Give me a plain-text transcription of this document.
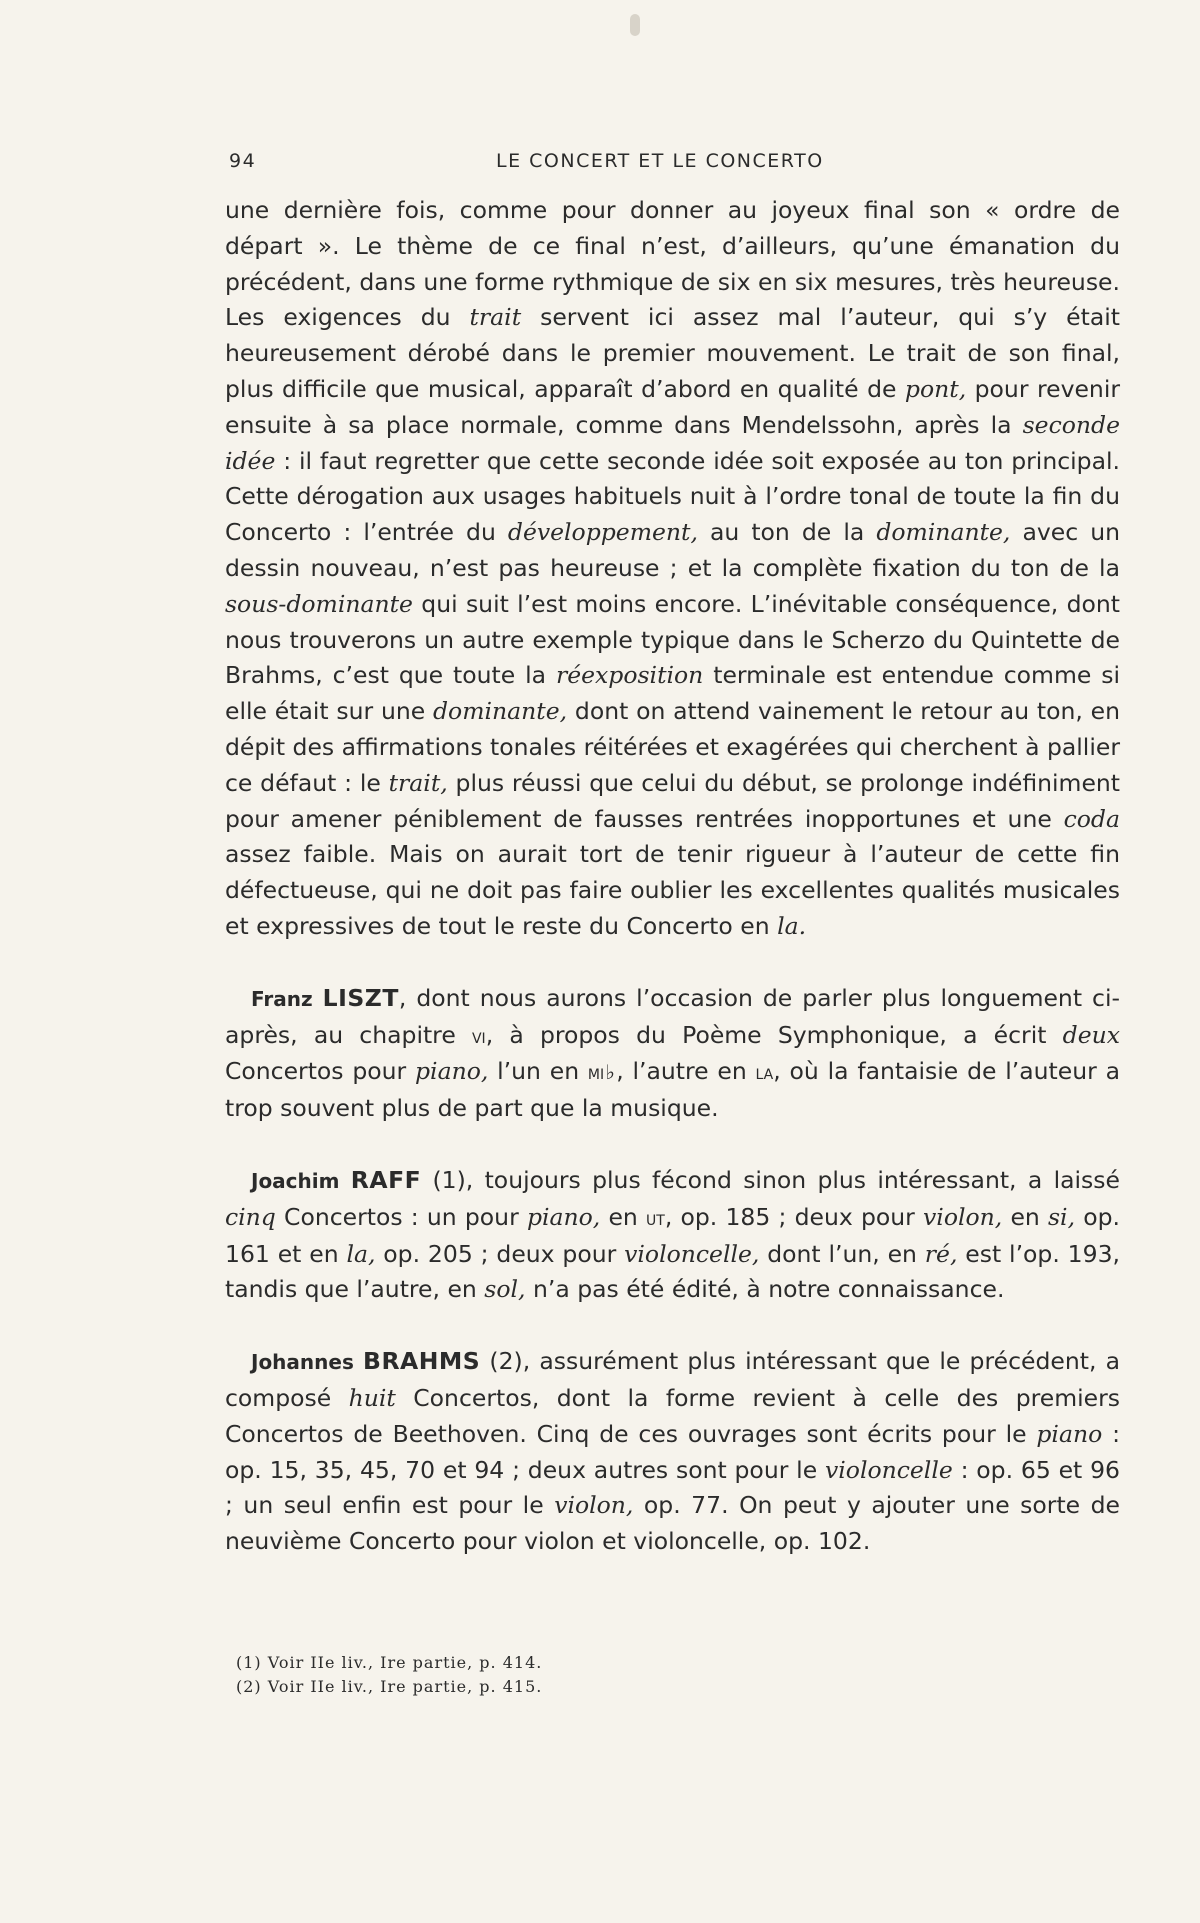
94	LE CONCERT ET LE CONCERTO

une dernière fois, comme pour donner au joyeux final son « ordre de départ ». Le thème de ce final n’est, d’ailleurs, qu’une émanation du précédent, dans une forme rythmique de six en six mesures, très heureuse. Les exigences du trait servent ici assez mal l’auteur, qui s’y était heureusement dérobé dans le premier mouvement. Le trait de son final, plus difficile que musical, apparaît d’abord en qualité de pont, pour revenir ensuite à sa place normale, comme dans Mendelssohn, après la seconde idée : il faut regretter que cette seconde idée soit exposée au ton principal. Cette dérogation aux usages habituels nuit à l’ordre tonal de toute la fin du Concerto : l’entrée du développement, au ton de la dominante, avec un dessin nouveau, n’est pas heureuse ; et la complète fixation du ton de la sous-dominante qui suit l’est moins encore. L’inévitable conséquence, dont nous trouverons un autre exemple typique dans le Scherzo du Quintette de Brahms, c’est que toute la réexposition terminale est entendue comme si elle était sur une dominante, dont on attend vainement le retour au ton, en dépit des affirmations tonales réitérées et exagérées qui cherchent à pallier ce défaut : le trait, plus réussi que celui du début, se prolonge indéfiniment pour amener péniblement de fausses rentrées inopportunes et une coda assez faible. Mais on aurait tort de tenir rigueur à l’auteur de cette fin défectueuse, qui ne doit pas faire oublier les excellentes qualités musicales et expressives de tout le reste du Concerto en la.

Franz LISZT, dont nous aurons l’occasion de parler plus longuement ci-après, au chapitre vi, à propos du Poème Symphonique, a écrit deux Concertos pour piano, l’un en mi♭, l’autre en la, où la fantaisie de l’auteur a trop souvent plus de part que la musique.

Joachim RAFF (1), toujours plus fécond sinon plus intéressant, a laissé cinq Concertos : un pour piano, en ut, op. 185 ; deux pour violon, en si, op. 161 et en la, op. 205 ; deux pour violoncelle, dont l’un, en ré, est l’op. 193, tandis que l’autre, en sol, n’a pas été édité, à notre connaissance.

Johannes BRAHMS (2), assurément plus intéressant que le précédent, a composé huit Concertos, dont la forme revient à celle des premiers Concertos de Beethoven. Cinq de ces ouvrages sont écrits pour le piano : op. 15, 35, 45, 70 et 94 ; deux autres sont pour le violoncelle : op. 65 et 96 ; un seul enfin est pour le violon, op. 77. On peut y ajouter une sorte de neuvième Concerto pour violon et violoncelle, op. 102.

(1) Voir IIe liv., Ire partie, p. 414.

(2) Voir IIe liv., Ire partie, p. 415.
